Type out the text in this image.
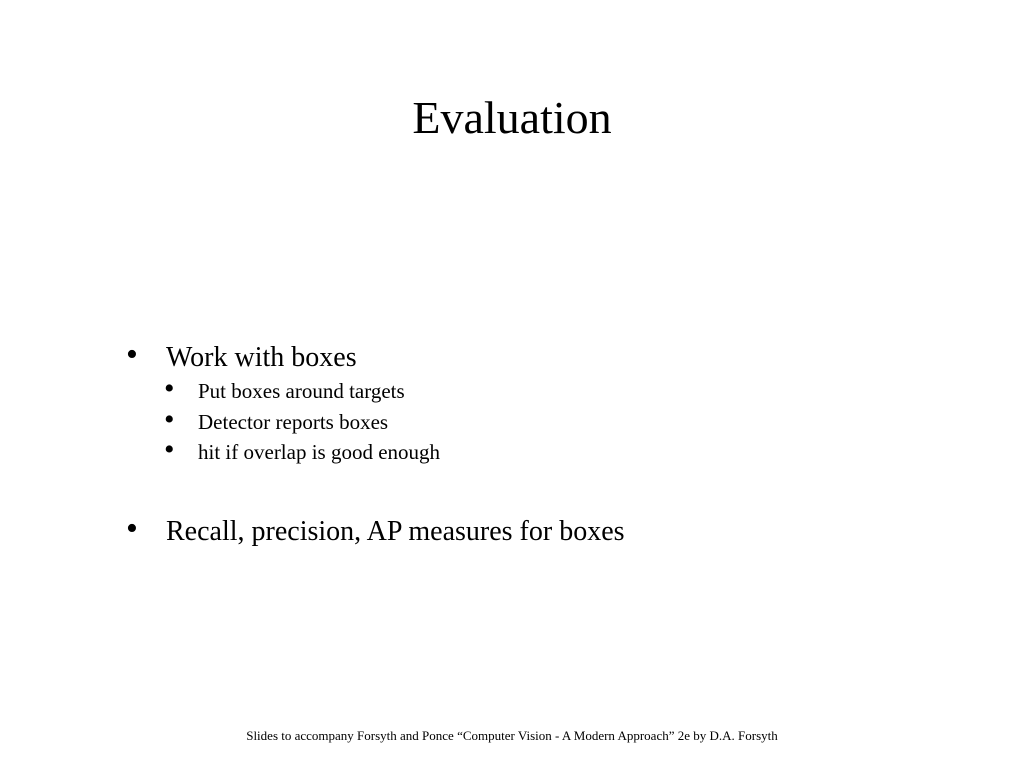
Evaluation
• Work with boxes
• Put boxes around targets
• Detector reports boxes
• hit if overlap is good enough
• Recall, precision, AP measures for boxes
Slides to accompany Forsyth and Ponce “Computer Vision - A Modern Approach” 2e by D.A. Forsyth
